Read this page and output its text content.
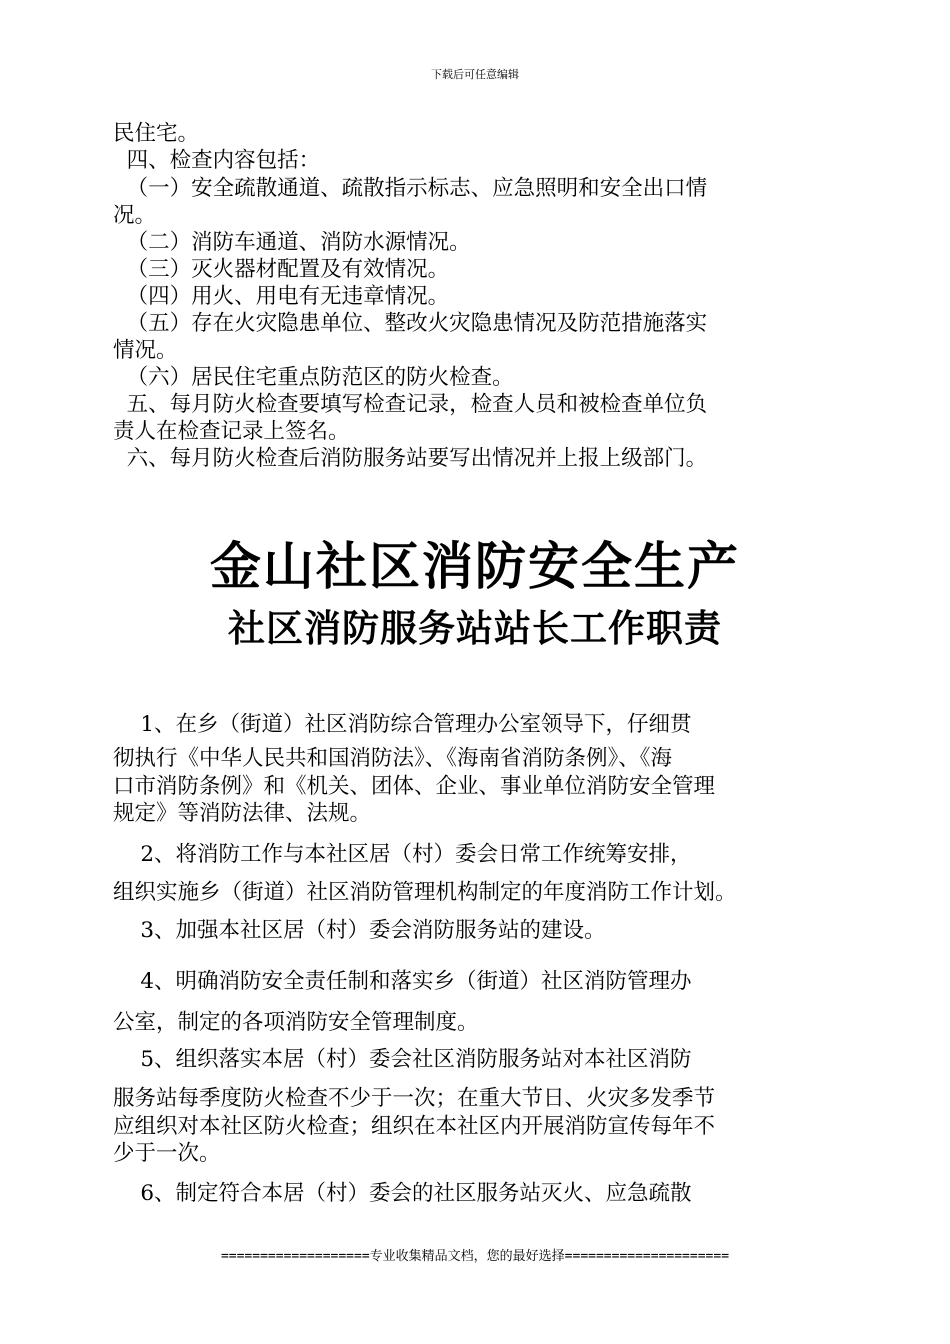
下载后可任意编辑

民住宅。

四、检查内容包括：

（一）安全疏散通道、疏散指示标志、应急照明和安全出口情

况。

（二）消防车通道、消防水源情况。

（三）灭火器材配置及有效情况。

（四）用火、用电有无违章情况。

（五）存在火灾隐患单位、整改火灾隐患情况及防范措施落实

情况。

（六）居民住宅重点防范区的防火检查。

五、每月防火检查要填写检查记录，检查人员和被检查单位负

责人在检查记录上签名。

六、每月防火检查后消防服务站要写出情况并上报上级部门。

金山社区消防安全生产
社区消防服务站站长工作职责

1、在乡（街道）社区消防综合管理办公室领导下，仔细贯

彻执行《中华人民共和国消防法》、《海南省消防条例》、《海

口市消防条例》和《机关、团体、企业、事业单位消防安全管理

规定》等消防法律、法规。

2、将消防工作与本社区居（村）委会日常工作统筹安排，

组织实施乡（街道）社区消防管理机构制定的年度消防工作计划。

3、加强本社区居（村）委会消防服务站的建设。

4、明确消防安全责任制和落实乡（街道）社区消防管理办

公室，制定的各项消防安全管理制度。

5、组织落实本居（村）委会社区消防服务站对本社区消防

服务站每季度防火检查不少于一次；在重大节日、火灾多发季节

应组织对本社区防火检查；组织在本社区内开展消防宣传每年不

少于一次。

6、制定符合本居（村）委会的社区服务站灭火、应急疏散

===================专业收集精品文档，您的最好选择=====================
